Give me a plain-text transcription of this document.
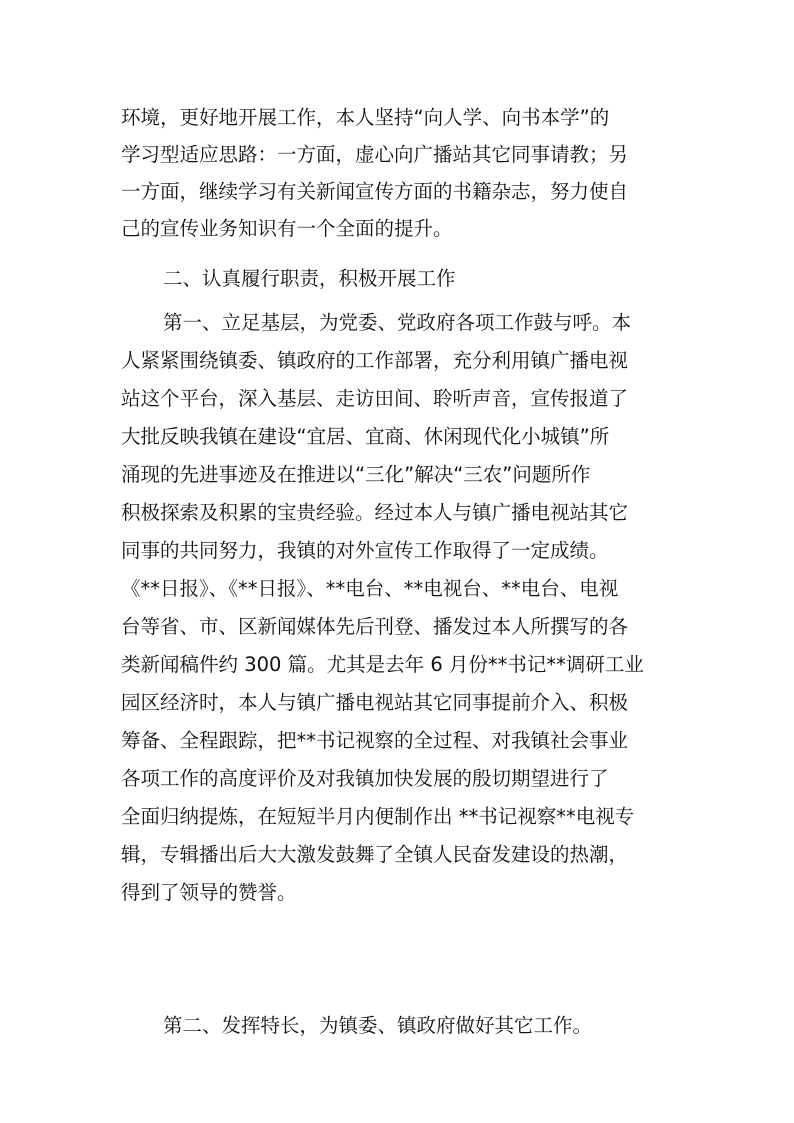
环境，更好地开展工作，本人坚持“向人学、向书本学”的

学习型适应思路：一方面，虚心向广播站其它同事请教；另

一方面，继续学习有关新闻宣传方面的书籍杂志，努力使自

己的宣传业务知识有一个全面的提升。

二、认真履行职责，积极开展工作

第一、立足基层，为党委、党政府各项工作鼓与呼。本

人紧紧围绕镇委、镇政府的工作部署，充分利用镇广播电视

站这个平台，深入基层、走访田间、聆听声音，宣传报道了

大批反映我镇在建设“宜居、宜商、休闲现代化小城镇”所

涌现的先进事迹及在推进以“三化”解决“三农”问题所作

积极探索及积累的宝贵经验。经过本人与镇广播电视站其它

同事的共同努力，我镇的对外宣传工作取得了一定成绩。

《**日报》、《**日报》、**电台、**电视台、**电台、电视

台等省、市、区新闻媒体先后刊登、播发过本人所撰写的各

类新闻稿件约 300 篇。尤其是去年 6 月份**书记**调研工业

园区经济时，本人与镇广播电视站其它同事提前介入、积极

筹备、全程跟踪，把**书记视察的全过程、对我镇社会事业

各项工作的高度评价及对我镇加快发展的殷切期望进行了

全面归纳提炼，在短短半月内便制作出 **书记视察**电视专

辑，专辑播出后大大激发鼓舞了全镇人民奋发建设的热潮，

得到了领导的赞誉。

第二、发挥特长，为镇委、镇政府做好其它工作。
